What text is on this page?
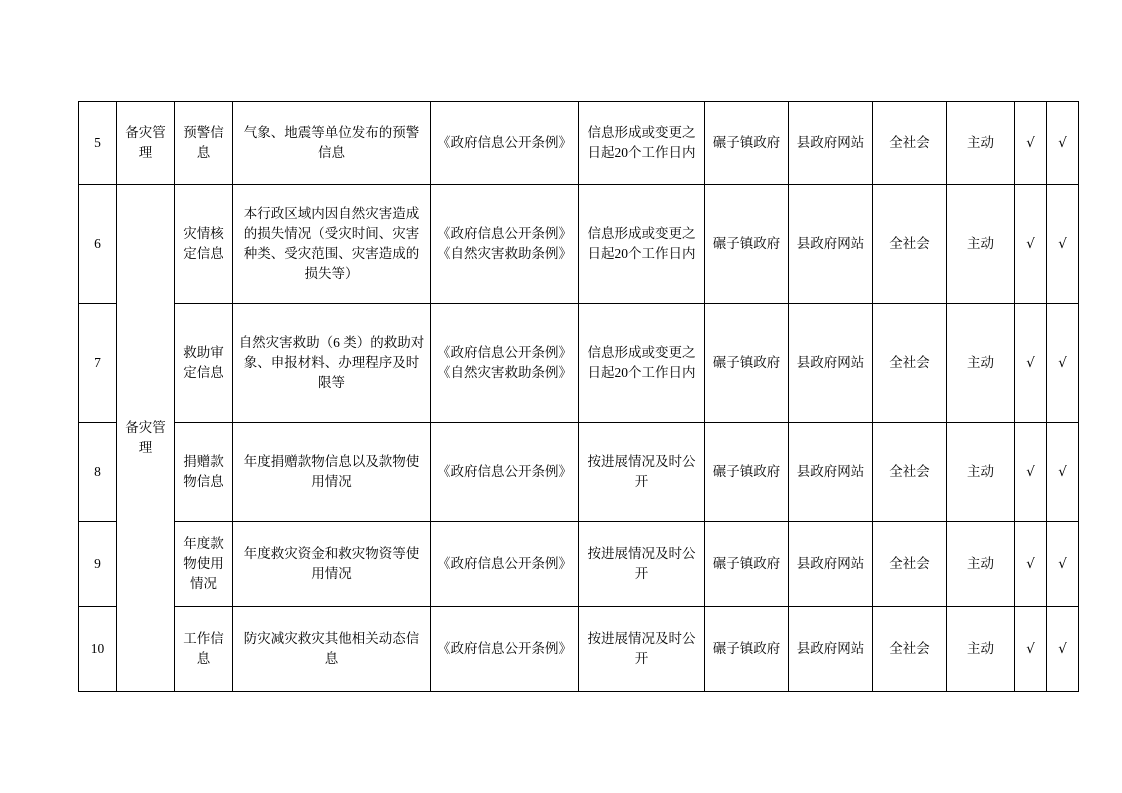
5	备灾管理	预警信息	气象、地震等单位发布的预警信息	《政府信息公开条例》	信息形成或变更之日起20个工作日内	碾子镇政府	县政府网站	全社会	主动	√	√
6	备灾管理	灾情核定信息	本行政区域内因自然灾害造成的损失情况（受灾时间、灾害种类、受灾范围、灾害造成的损失等）	《政府信息公开条例》《自然灾害救助条例》	信息形成或变更之日起20个工作日内	碾子镇政府	县政府网站	全社会	主动	√	√
7		救助审定信息	自然灾害救助（6 类）的救助对象、申报材料、办理程序及时限等	《政府信息公开条例》《自然灾害救助条例》	信息形成或变更之日起20个工作日内	碾子镇政府	县政府网站	全社会	主动	√	√
8		捐赠款物信息	年度捐赠款物信息以及款物使用情况	《政府信息公开条例》	按进展情况及时公开	碾子镇政府	县政府网站	全社会	主动	√	√
9		年度款物使用情况	年度救灾资金和救灾物资等使用情况	《政府信息公开条例》	按进展情况及时公开	碾子镇政府	县政府网站	全社会	主动	√	√
10		工作信息	防灾减灾救灾其他相关动态信息	《政府信息公开条例》	按进展情况及时公开	碾子镇政府	县政府网站	全社会	主动	√	√
